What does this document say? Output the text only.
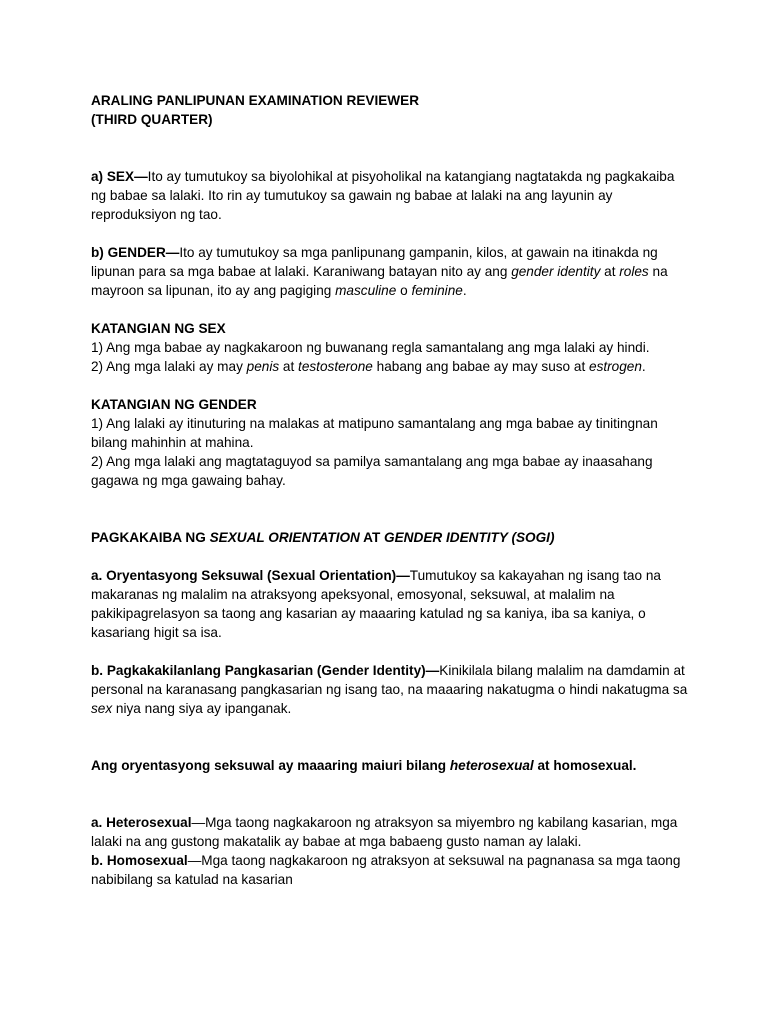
ARALING PANLIPUNAN EXAMINATION REVIEWER
(THIRD QUARTER)

a) SEX—Ito ay tumutukoy sa biyolohikal at pisyoholikal na katangiang nagtatakda ng pagkakaiba ng babae sa lalaki. Ito rin ay tumutukoy sa gawain ng babae at lalaki na ang layunin ay reproduksiyon ng tao.

b) GENDER—Ito ay tumutukoy sa mga panlipunang gampanin, kilos, at gawain na itinakda ng lipunan para sa mga babae at lalaki. Karaniwang batayan nito ay ang gender identity at roles na mayroon sa lipunan, ito ay ang pagiging masculine o feminine.

KATANGIAN NG SEX

1) Ang mga babae ay nagkakaroon ng buwanang regla samantalang ang mga lalaki ay hindi.

2) Ang mga lalaki ay may penis at testosterone habang ang babae ay may suso at estrogen.

KATANGIAN NG GENDER

1) Ang lalaki ay itinuturing na malakas at matipuno samantalang ang mga babae ay tinitingnan bilang mahinhin at mahina.

2) Ang mga lalaki ang magtataguyod sa pamilya samantalang ang mga babae ay inaasahang gagawa ng mga gawaing bahay.

PAGKAKAIBA NG SEXUAL ORIENTATION AT GENDER IDENTITY (SOGI)

a. Oryentasyong Seksuwal (Sexual Orientation)—Tumutukoy sa kakayahan ng isang tao na makaranas ng malalim na atraksyong apeksyonal, emosyonal, seksuwal, at malalim na pakikipagrelasyon sa taong ang kasarian ay maaaring katulad ng sa kaniya, iba sa kaniya, o kasariang higit sa isa.

b. Pagkakakilanlang Pangkasarian (Gender Identity)—Kinikilala bilang malalim na damdamin at personal na karanasang pangkasarian ng isang tao, na maaaring nakatugma o hindi nakatugma sa sex niya nang siya ay ipanganak.

Ang oryentasyong seksuwal ay maaaring maiuri bilang heterosexual at homosexual.

a. Heterosexual—Mga taong nagkakaroon ng atraksyon sa miyembro ng kabilang kasarian, mga lalaki na ang gustong makatalik ay babae at mga babaeng gusto naman ay lalaki.

b. Homosexual—Mga taong nagkakaroon ng atraksyon at seksuwal na pagnanasa sa mga taong nabibilang sa katulad na kasarian
